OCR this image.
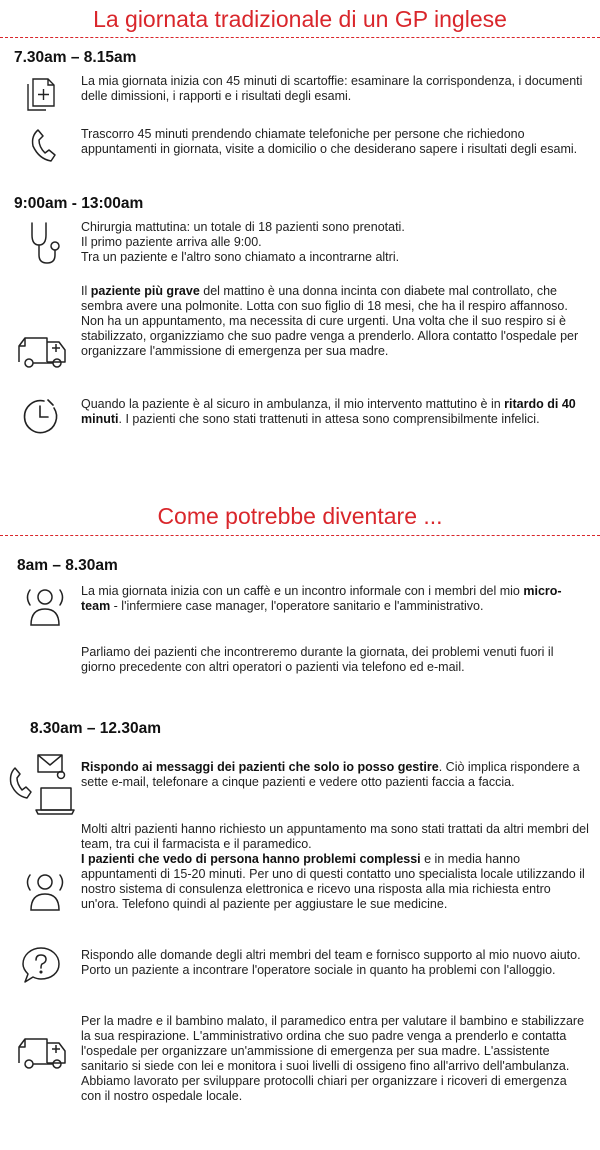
La giornata tradizionale di un GP inglese
7.30am – 8.15am
La mia giornata inizia con 45 minuti di scartoffie: esaminare la corrispondenza, i documenti delle dimissioni, i rapporti e i risultati degli esami.
Trascorro 45 minuti prendendo chiamate telefoniche per persone che richiedono appuntamenti in giornata, visite a domicilio o che desiderano sapere i risultati degli esami.
9:00am - 13:00am
Chirurgia mattutina: un totale di 18 pazienti sono prenotati.
Il primo paziente arriva alle 9:00.
Tra un paziente e l'altro sono chiamato a incontrarne altri.
Il paziente più grave del mattino è una donna incinta con diabete mal controllato, che sembra avere una polmonite. Lotta con suo figlio di 18 mesi, che ha il respiro affannoso. Non ha un appuntamento, ma necessita di cure urgenti. Una volta che il suo respiro si è stabilizzato, organizziamo che suo padre venga a prenderlo. Allora contatto l'ospedale per organizzare l'ammissione di emergenza per sua madre.
Quando la paziente è al sicuro in ambulanza, il mio intervento mattutino è in ritardo di 40 minuti. I pazienti che sono stati trattenuti in attesa sono comprensibilmente infelici.
Come potrebbe diventare ...
8am – 8.30am
La mia giornata inizia con un caffè e un incontro informale con i membri del mio micro-team - l'infermiere case manager, l'operatore sanitario e l'amministrativo.
Parliamo dei pazienti che incontreremo durante la giornata, dei problemi venuti fuori il giorno precedente con altri operatori o pazienti via telefono ed e-mail.
8.30am – 12.30am
Rispondo ai messaggi dei pazienti che solo io posso gestire. Ciò implica rispondere a sette e-mail, telefonare a cinque pazienti e vedere otto pazienti faccia a faccia.
Molti altri pazienti hanno richiesto un appuntamento ma sono stati trattati da altri membri del team, tra cui il farmacista e il paramedico.
I pazienti che vedo di persona hanno problemi complessi e in media hanno appuntamenti di 15-20 minuti. Per uno di questi contatto uno specialista locale utilizzando il nostro sistema di consulenza elettronica e ricevo una risposta alla mia richiesta entro un'ora. Telefono quindi al paziente per aggiustare le sue medicine.
Rispondo alle domande degli altri membri del team e fornisco supporto al mio nuovo aiuto. Porto un paziente a incontrare l'operatore sociale in quanto ha problemi con l'alloggio.
Per la madre e il bambino malato, il paramedico entra per valutare il bambino e stabilizzare la sua respirazione. L'amministrativo ordina che suo padre venga a prenderlo e contatta l'ospedale per organizzare un'ammissione di emergenza per sua madre. L'assistente sanitario si siede con lei e monitora i suoi livelli di ossigeno fino all'arrivo dell'ambulanza. Abbiamo lavorato per sviluppare protocolli chiari per organizzare i ricoveri di emergenza con il nostro ospedale locale.
